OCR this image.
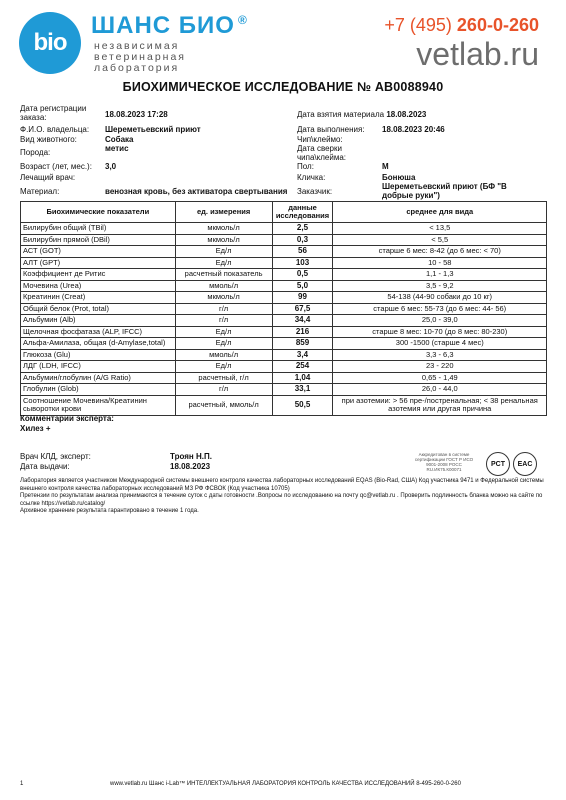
bio
ШАНС БИО ®
независимая
ветеринарная
лаборатория
+7 (495) 260-0-260
vetlab.ru
БИОХИМИЧЕСКОЕ ИССЛЕДОВАНИЕ № АВ0088940
Дата регистрации заказа:	18.08.2023 17:28
Ф.И.О. владельца: Шереметьевский приют
Вид животного:	Собака
Порода:	метис
Возраст (лет, мес.): 3,0
Лечащий врач:
Материал:	венозная кровь, без активатора свертывания
Дата взятия материала 18.08.2023
Дата выполнения: 18.08.2023 20:46
Чип\клеймо:
Дата сверки чипа\клейма:
Пол:	М
Кличка:	Бонюша
Заказчик:
Шереметьевский приют (БФ "В добрые руки")
Биохимические показатели	ед. измерения	данные исследования	среднее для вида
Билирубин общий (TBil)	мкмоль/л	2,5	< 13,5
Билирубин прямой (DBil)	мкмоль/л	0,3	< 5,5
АСТ (GOT)	Ед/л	56	старше 6 мес: 8-42 (до 6 мес: < 70)
АЛТ (GPT)	Ед/л	103	10 - 58
Коэффициент де Ритис	расчетный показатель	0,5	1,1 - 1,3
Мочевина (Urea)	ммоль/л	5,0	3,5 - 9,2
Креатинин (Creat)	мкмоль/л	99	54-138 (44-90 собаки до 10 кг)
Общий белок (Prot, total)	г/л	67,5	старше 6 мес: 55-73 (до 6 мес: 44- 56)
Альбумин (Alb)	г/л	34,4	25,0 - 39,0
Щелочная фосфатаза (ALP, IFCC)	Ед/л	216	старше 8 мес: 10-70 (до 8 мес: 80-230)
Альфа-Амилаза, общая (d-Amylase,total)	Ед/л	859	300 -1500 (старше 4 мес)
Глюкоза (Glu)	ммоль/л	3,4	3,3 - 6,3
ЛДГ (LDH, IFCC)	Ед/л	254	23 - 220
Альбумин/глобулин (A/G Ratio)	расчетный, г/л	1,04	0,65 - 1,49
Глобулин (Glob)	г/л	33,1	26,0 - 44,0
Соотношение Мочевина/Креатинин сыворотки крови	расчетный, ммоль/л	50,5	при азотемии: > 56 пре-/постренальная; < 38 ренальная азотемия или другая причина
Комментарии эксперта:
Хилез +
Врач КЛД, эксперт:	Троян Н.П.
Дата выдачи:	18.08.2023
Аккредитован в системе сертификации ГОСТ Р ИСО 9001-2008 РОСС RU.ИК75.К00071
PCT	EAC
Лаборатория является участником Международной системы внешнего контроля качества лабораторных исследований EQAS (Bio-Rad, США) Код участника 9471 и Федеральной системы внешнего контроля качества лабораторных исследований МЗ РФ ФСВОК (Код участника 10705)
Претензии по результатам анализа принимаются в течение суток с даты готовности .Вопросы по исследованию на почту qc@vetlab.ru . Проверить подлинность бланка можно на сайте по ссылке https://vetlab.ru/catalog/
Архивное хранение результата гарантировано в течение 1 года.
1	www.vetlab.ru Шанс i-Lab™ ИНТЕЛЛЕКТУАЛЬНАЯ ЛАБОРАТОРИЯ КОНТРОЛЬ КАЧЕСТВА ИССЛЕДОВАНИЙ 8-495-260-0-260
